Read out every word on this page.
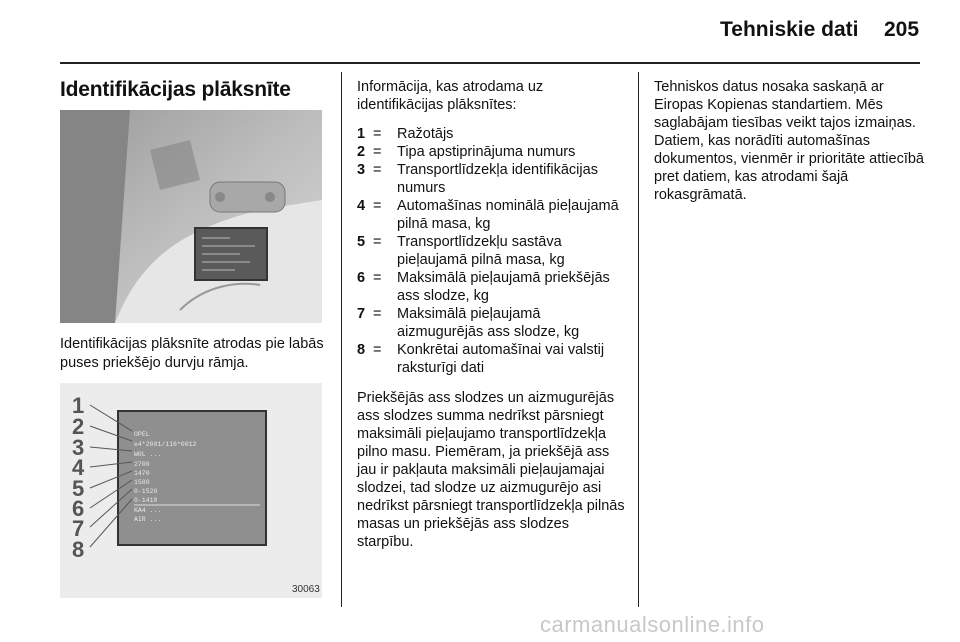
Tehniskie dati 205
Identifikācijas plāksnīte
Identifikācijas plāksnīte atrodas pie labās puses priekšējo durvju rāmja.
OPEL
e4*2001/116*0012
W0L ...
2700
1470
1580
0-1520
0-1410
KA4 ...
AIR ...
1
2
3
4
5
6
7
8
30063

Informācija, kas atrodama uz identifikācijas plāksnītes:

1 =	Ražotājs
2 =	Tipa apstiprinājuma numurs
3 =	Transportlīdzekļa identifikācijas numurs
4 =	Automašīnas nominālā pieļaujamā pilnā masa, kg
5 =	Transportlīdzekļu sastāva pieļaujamā pilnā masa, kg
6 =	Maksimālā pieļaujamā priekšējās ass slodze, kg
7 =	Maksimālā pieļaujamā aizmugurējās ass slodze, kg
8 =	Konkrētai automašīnai vai valstij raksturīgi dati

Priekšējās ass slodzes un aizmugurējās ass slodzes summa nedrīkst pārsniegt maksimāli pieļaujamo transportlīdzekļa pilno masu. Piemēram, ja priekšējā ass jau ir pakļauta maksimāli pieļaujamajai slodzei, tad slodze uz aizmugurējo asi nedrīkst pārsniegt transportlīdzekļa pilnās masas un priekšējās ass slodzes starpību.

Tehniskos datus nosaka saskaņā ar Eiropas Kopienas standartiem. Mēs saglabājam tiesības veikt tajos izmaiņas. Datiem, kas norādīti automašīnas dokumentos, vienmēr ir prioritāte attiecībā pret datiem, kas atrodami šajā rokasgrāmatā.

carmanualsonline.info
